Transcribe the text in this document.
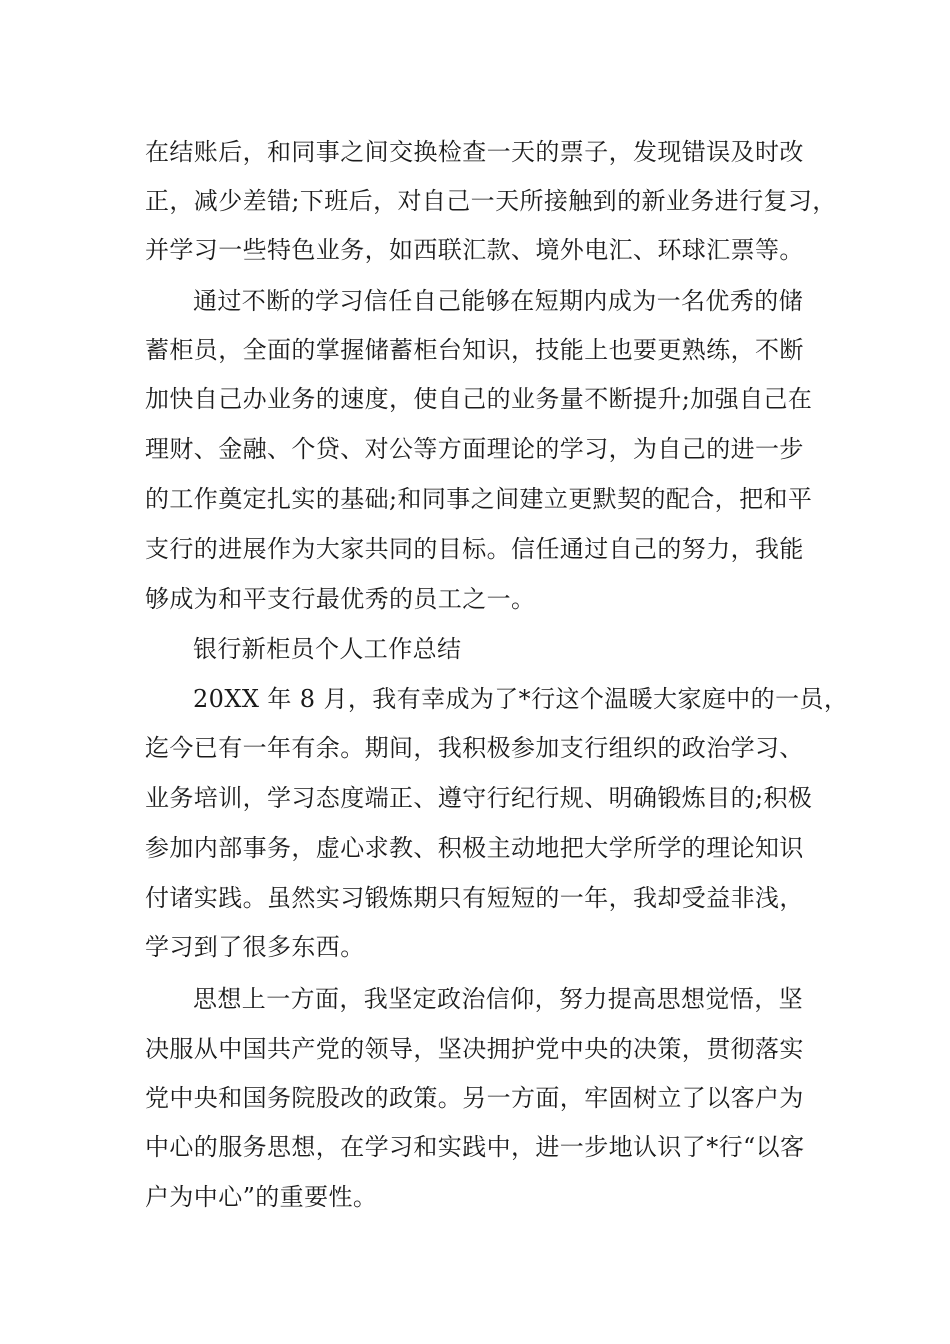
在结账后，和同事之间交换检查一天的票子，发现错误及时改

正，减少差错;下班后，对自己一天所接触到的新业务进行复习，

并学习一些特色业务，如西联汇款、境外电汇、环球汇票等。

通过不断的学习信任自己能够在短期内成为一名优秀的储

蓄柜员，全面的掌握储蓄柜台知识，技能上也要更熟练，不断

加快自己办业务的速度，使自己的业务量不断提升;加强自己在

理财、金融、个贷、对公等方面理论的学习，为自己的进一步

的工作奠定扎实的基础;和同事之间建立更默契的配合，把和平

支行的进展作为大家共同的目标。信任通过自己的努力，我能

够成为和平支行最优秀的员工之一。

银行新柜员个人工作总结

20XX 年 8 月，我有幸成为了*行这个温暖大家庭中的一员，

迄今已有一年有余。期间，我积极参加支行组织的政治学习、

业务培训，学习态度端正、遵守行纪行规、明确锻炼目的;积极

参加内部事务，虚心求教、积极主动地把大学所学的理论知识

付诸实践。虽然实习锻炼期只有短短的一年，我却受益非浅，

学习到了很多东西。

思想上一方面，我坚定政治信仰，努力提高思想觉悟，坚

决服从中国共产党的领导，坚决拥护党中央的决策，贯彻落实

党中央和国务院股改的政策。另一方面，牢固树立了以客户为

中心的服务思想，在学习和实践中，进一步地认识了*行“以客

户为中心”的重要性。
